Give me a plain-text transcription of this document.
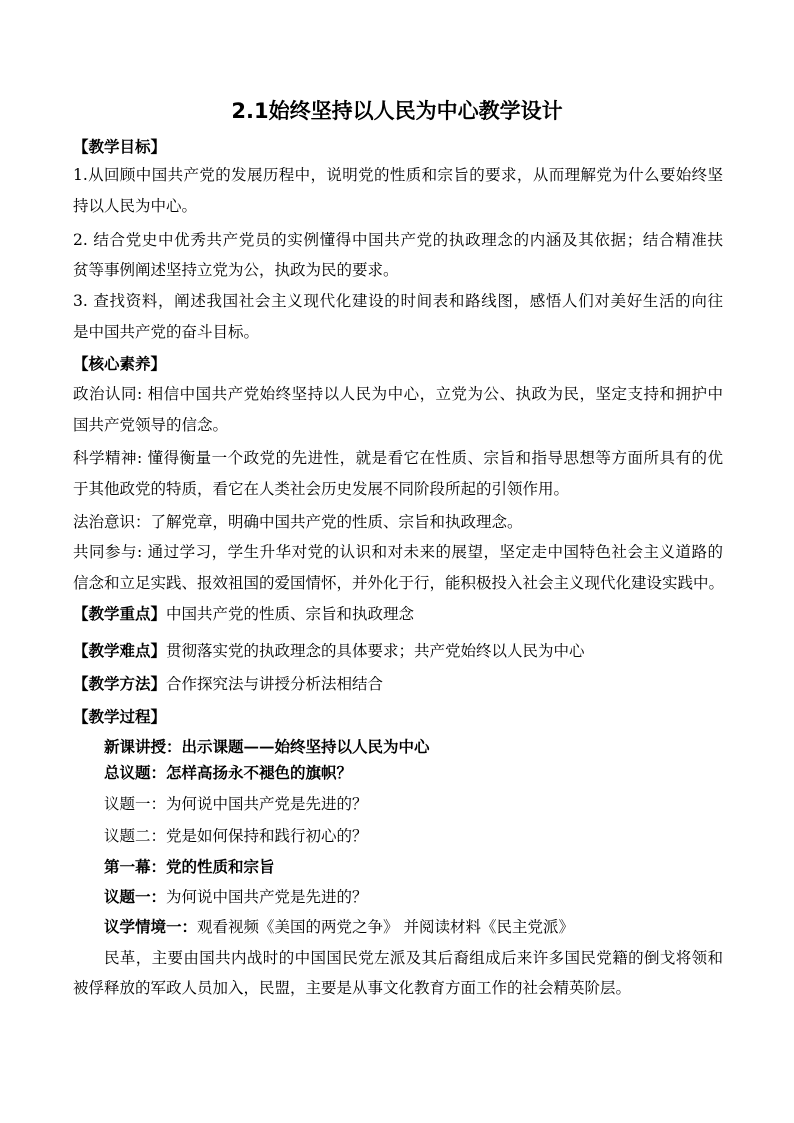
2.1始终坚持以人民为中心教学设计
【教学目标】
1.从回顾中国共产党的发展历程中，说明党的性质和宗旨的要求，从而理解党为什么要始终坚
持以人民为中心。
2. 结合党史中优秀共产党员的实例懂得中国共产党的执政理念的内涵及其依据；结合精准扶
贫等事例阐述坚持立党为公，执政为民的要求。
3. 查找资料，阐述我国社会主义现代化建设的时间表和路线图，感悟人们对美好生活的向往
是中国共产党的奋斗目标。
【核心素养】
政治认同: 相信中国共产党始终坚持以人民为中心，立党为公、执政为民，坚定支持和拥护中
国共产党领导的信念。
科学精神: 懂得衡量一个政党的先进性，就是看它在性质、宗旨和指导思想等方面所具有的优
于其他政党的特质，看它在人类社会历史发展不同阶段所起的引领作用。
法治意识：了解党章，明确中国共产党的性质、宗旨和执政理念。
共同参与: 通过学习，学生升华对党的认识和对未来的展望，坚定走中国特色社会主义道路的
信念和立足实践、报效祖国的爱国情怀，并外化于行，能积极投入社会主义现代化建设实践中。
【教学重点】中国共产党的性质、宗旨和执政理念
【教学难点】贯彻落实党的执政理念的具体要求；共产党始终以人民为中心
【教学方法】合作探究法与讲授分析法相结合
【教学过程】
新课讲授：出示课题——始终坚持以人民为中心
总议题：怎样高扬永不褪色的旗帜？
议题一：为何说中国共产党是先进的？
议题二：党是如何保持和践行初心的？
第一幕：党的性质和宗旨
议题一：为何说中国共产党是先进的？
议学情境一：观看视频《美国的两党之争》 并阅读材料《民主党派》
民革，主要由国共内战时的中国国民党左派及其后裔组成后来许多国民党籍的倒戈将领和
被俘释放的军政人员加入，民盟，主要是从事文化教育方面工作的社会精英阶层。
